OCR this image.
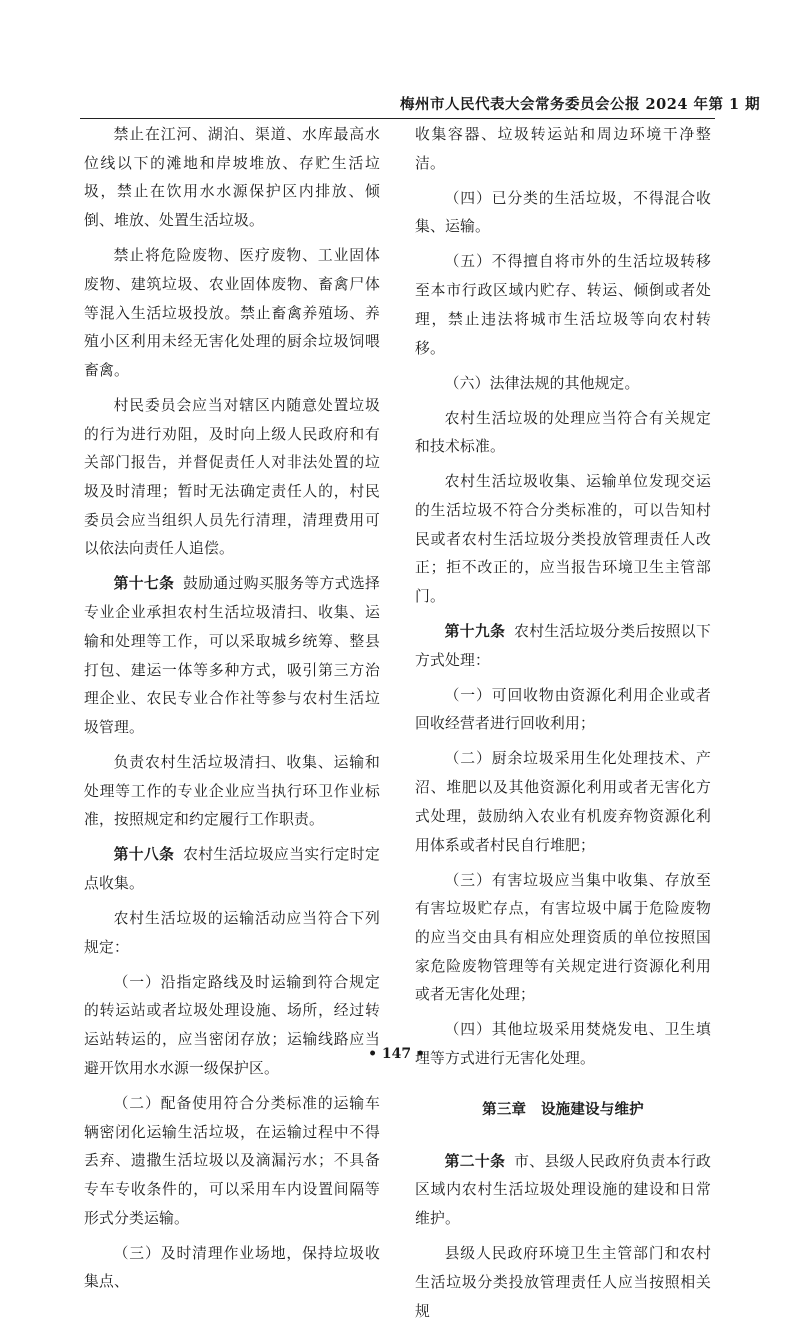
梅州市人民代表大会常务委员会公报 2024 年第 1 期

禁止在江河、湖泊、渠道、水库最高水位线以下的滩地和岸坡堆放、存贮生活垃圾，禁止在饮用水水源保护区内排放、倾倒、堆放、处置生活垃圾。

禁止将危险废物、医疗废物、工业固体废物、建筑垃圾、农业固体废物、畜禽尸体等混入生活垃圾投放。禁止畜禽养殖场、养殖小区利用未经无害化处理的厨余垃圾饲喂畜禽。

村民委员会应当对辖区内随意处置垃圾的行为进行劝阻，及时向上级人民政府和有关部门报告，并督促责任人对非法处置的垃圾及时清理；暂时无法确定责任人的，村民委员会应当组织人员先行清理，清理费用可以依法向责任人追偿。

第十七条 鼓励通过购买服务等方式选择专业企业承担农村生活垃圾清扫、收集、运输和处理等工作，可以采取城乡统筹、整县打包、建运一体等多种方式，吸引第三方治理企业、农民专业合作社等参与农村生活垃圾管理。

负责农村生活垃圾清扫、收集、运输和处理等工作的专业企业应当执行环卫作业标准，按照规定和约定履行工作职责。

第十八条 农村生活垃圾应当实行定时定点收集。

农村生活垃圾的运输活动应当符合下列规定：

（一）沿指定路线及时运输到符合规定的转运站或者垃圾处理设施、场所，经过转运站转运的，应当密闭存放；运输线路应当避开饮用水水源一级保护区。

（二）配备使用符合分类标准的运输车辆密闭化运输生活垃圾，在运输过程中不得丢弃、遗撒生活垃圾以及滴漏污水；不具备专车专收条件的，可以采用车内设置间隔等形式分类运输。

（三）及时清理作业场地，保持垃圾收集点、

收集容器、垃圾转运站和周边环境干净整洁。

（四）已分类的生活垃圾，不得混合收集、运输。

（五）不得擅自将市外的生活垃圾转移至本市行政区域内贮存、转运、倾倒或者处理，禁止违法将城市生活垃圾等向农村转移。

（六）法律法规的其他规定。

农村生活垃圾的处理应当符合有关规定和技术标准。

农村生活垃圾收集、运输单位发现交运的生活垃圾不符合分类标准的，可以告知村民或者农村生活垃圾分类投放管理责任人改正；拒不改正的，应当报告环境卫生主管部门。

第十九条 农村生活垃圾分类后按照以下方式处理：

（一）可回收物由资源化利用企业或者回收经营者进行回收利用；

（二）厨余垃圾采用生化处理技术、产沼、堆肥以及其他资源化利用或者无害化方式处理，鼓励纳入农业有机废弃物资源化利用体系或者村民自行堆肥；

（三）有害垃圾应当集中收集、存放至有害垃圾贮存点，有害垃圾中属于危险废物的应当交由具有相应处理资质的单位按照国家危险废物管理等有关规定进行资源化利用或者无害化处理；

（四）其他垃圾采用焚烧发电、卫生填埋等方式进行无害化处理。

第三章　设施建设与维护

第二十条 市、县级人民政府负责本行政区域内农村生活垃圾处理设施的建设和日常维护。

县级人民政府环境卫生主管部门和农村生活垃圾分类投放管理责任人应当按照相关规

• 147 •
